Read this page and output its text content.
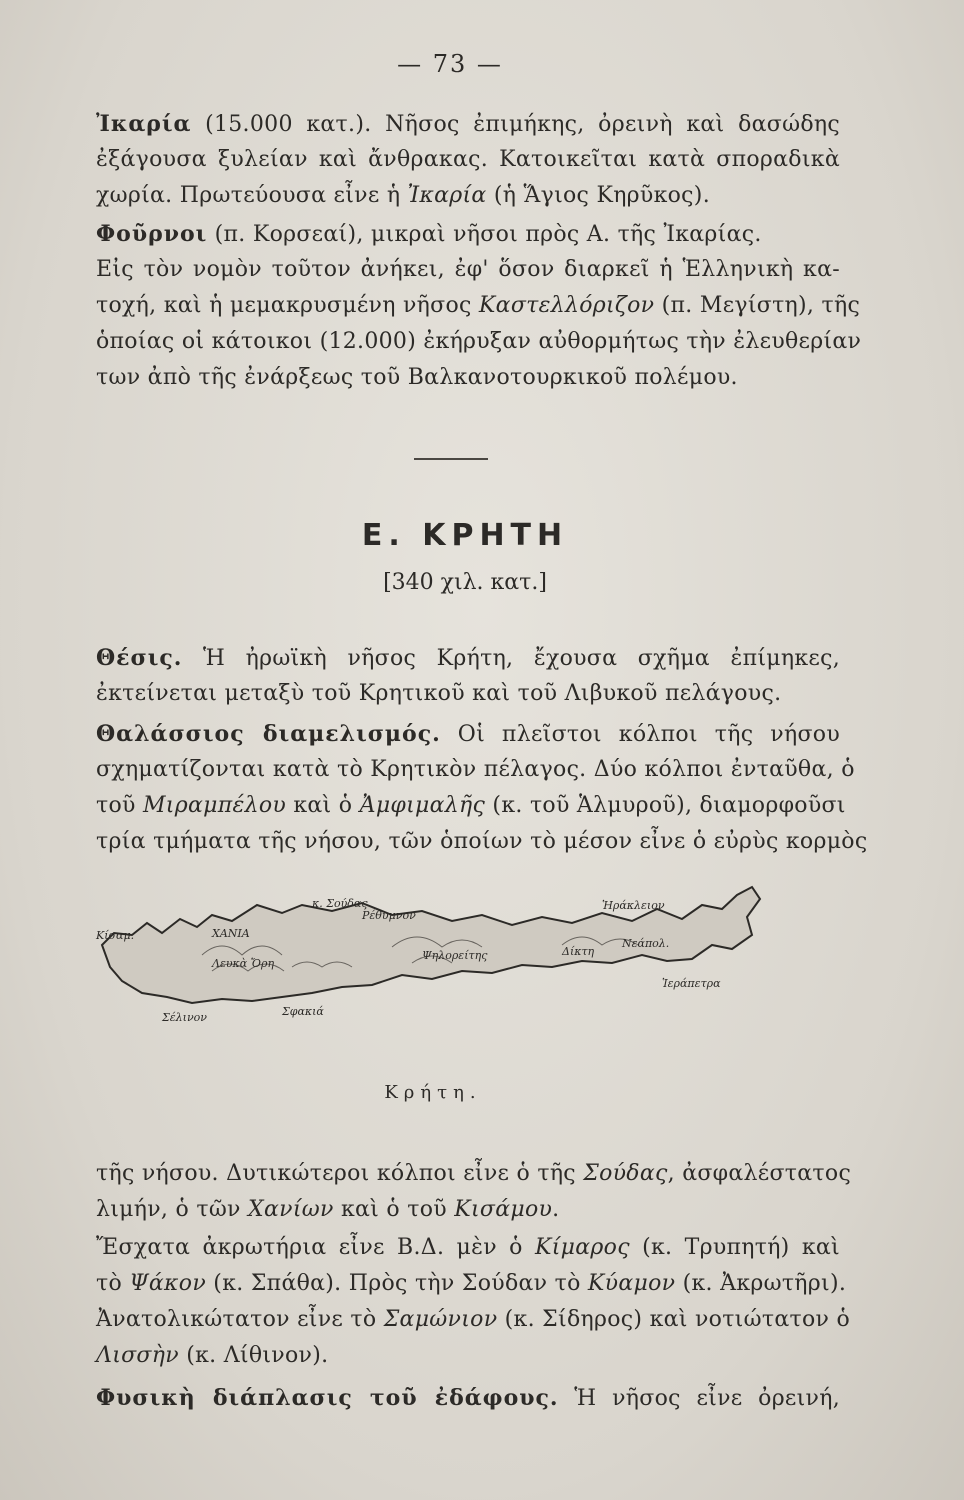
— 73 —
Ἰκαρία (15.000 κατ.). Νῆσος ἐπιμήκης, ὀρεινὴ καὶ δασώδης
ἐξάγουσα ξυλείαν καὶ ἄνθρακας. Κατοικεῖται κατὰ σποραδικὰ
χωρία. Πρωτεύουσα εἶνε ἡ Ἰκαρία (ἡ Ἅγιος Κηρῦκος).
Φοῦρνοι (π. Κορσεαί), μικραὶ νῆσοι πρὸς Α. τῆς Ἰκαρίας.
Εἰς τὸν νομὸν τοῦτον ἀνήκει, ἐφ' ὅσον διαρκεῖ ἡ Ἑλληνικὴ κα-
τοχή, καὶ ἡ μεμακρυσμένη νῆσος Καστελλόριζον (π. Μεγίστη), τῆς
ὁποίας οἱ κάτοικοι (12.000) ἐκήρυξαν αὐθορμήτως τὴν ἐλευθερίαν
των ἀπὸ τῆς ἐνάρξεως τοῦ Βαλκανοτουρκικοῦ πολέμου.
Ε. ΚΡΗΤΗ
[340 χιλ. κατ.]
Θέσις. Ἡ ἠρωϊκὴ νῆσος Κρήτη, ἔχουσα σχῆμα ἐπίμηκες,
ἐκτείνεται μεταξὺ τοῦ Κρητικοῦ καὶ τοῦ Λιβυκοῦ πελάγους.
Θαλάσσιος διαμελισμός. Οἱ πλεῖστοι κόλποι τῆς νήσου
σχηματίζονται κατὰ τὸ Κρητικὸν πέλαγος. Δύο κόλποι ἐνταῦθα, ὁ
τοῦ Μιραμπέλου καὶ ὁ Ἀμφιμαλῆς (κ. τοῦ Ἁλμυροῦ), διαμορφοῦσι
τρία τμήματα τῆς νήσου, τῶν ὁποίων τὸ μέσον εἶνε ὁ εὐρὺς κορμὸς
Κίσαμ.	ΧΑΝΙΑ
κ. Σούδας
Ρέθυμνον
Ἡράκλειον
Νεάπολ.
Λευκὰ Ὄρη
Ψηλορείτης	Δίκτη
Σέλινον	Σφακιά
Ἱεράπετρα
Κρήτη.
τῆς νήσου. Δυτικώτεροι κόλποι εἶνε ὁ τῆς Σούδας, ἀσφαλέστατος
λιμήν, ὁ τῶν Χανίων καὶ ὁ τοῦ Κισάμου.
Ἔσχατα ἀκρωτήρια εἶνε Β.Δ. μὲν ὁ Κίμαρος (κ. Τρυπητή) καὶ
τὸ Ψάκον (κ. Σπάθα). Πρὸς τὴν Σούδαν τὸ Κύαμον (κ. Ἀκρωτῆρι).
Ἀνατολικώτατον εἶνε τὸ Σαμώνιον (κ. Σίδηρος) καὶ νοτιώτατον ὁ
Λισσὴν (κ. Λίθινον).
Φυσικὴ διάπλασις τοῦ ἐδάφους. Ἡ νῆσος εἶνε ὀρεινή,
